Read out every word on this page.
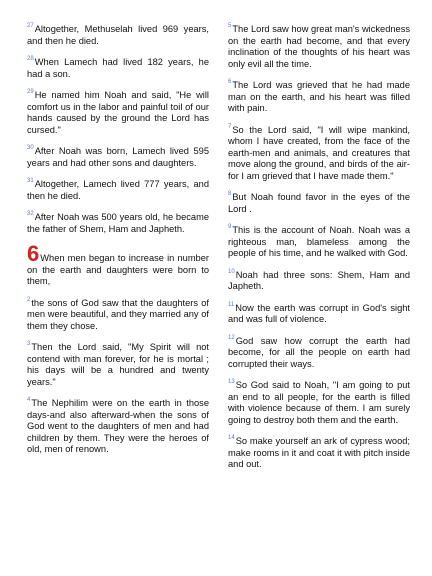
$^{27}$Altogether, Methuselah lived 969 years, and then he died.

$^{28}$When Lamech had lived 182 years, he had a son.

$^{29}$He named him Noah and said, "He will comfort us in the labor and painful toil of our hands caused by the ground the Lord has cursed."

$^{30}$After Noah was born, Lamech lived 595 years and had other sons and daughters.

$^{31}$Altogether, Lamech lived 777 years, and then he died.

$^{32}$After Noah was 500 years old, he became the father of Shem, Ham and Japheth.

6When men began to increase in number on the earth and daughters were born to them,

$^2$the sons of God saw that the daughters of men were beautiful, and they married any of them they chose.

$^3$Then the Lord said, "My Spirit will not contend with man forever, for he is mortal ; his days will be a hundred and twenty years."

$^4$The Nephilim were on the earth in those days-and also afterward-when the sons of God went to the daughters of men and had children by them. They were the heroes of old, men of renown.

$^5$The Lord saw how great man's wickedness on the earth had become, and that every inclination of the thoughts of his heart was only evil all the time.

$^6$The Lord was grieved that he had made man on the earth, and his heart was filled with pain.

$^7$So the Lord said, "I will wipe mankind, whom I have created, from the face of the earth-men and animals, and creatures that move along the ground, and birds of the air-for I am grieved that I have made them."

$^8$But Noah found favor in the eyes of the Lord .

$^9$This is the account of Noah. Noah was a righteous man, blameless among the people of his time, and he walked with God.

$^{10}$Noah had three sons: Shem, Ham and Japheth.

$^{11}$Now the earth was corrupt in God's sight and was full of violence.

$^{12}$God saw how corrupt the earth had become, for all the people on earth had corrupted their ways.

$^{13}$So God said to Noah, "I am going to put an end to all people, for the earth is filled with violence because of them. I am surely going to destroy both them and the earth.

$^{14}$So make yourself an ark of cypress wood; make rooms in it and coat it with pitch inside and out.
